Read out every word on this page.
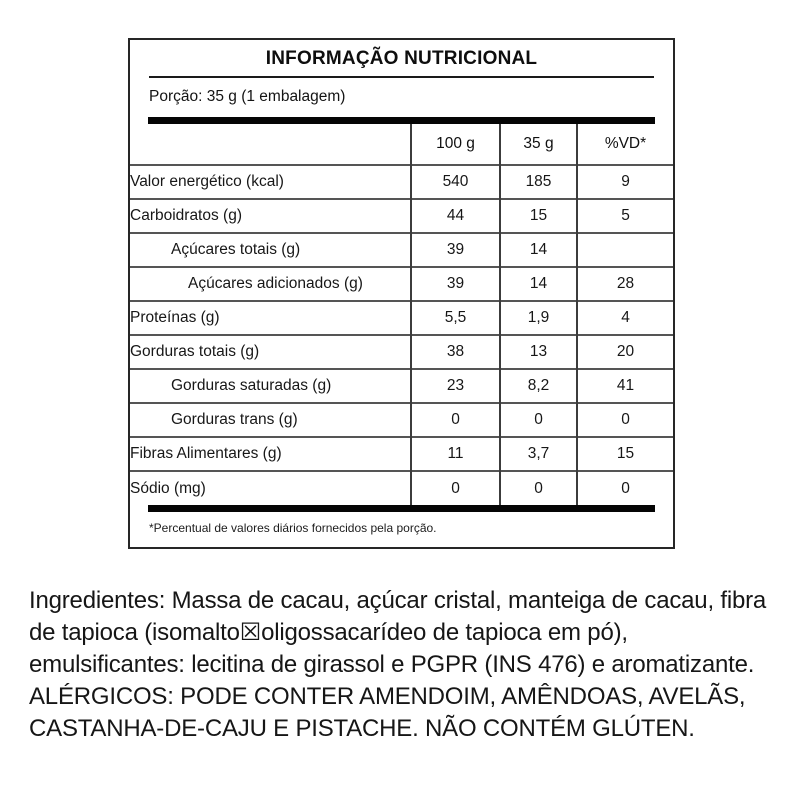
INFORMAÇÃO NUTRICIONAL
Porção: 35 g (1 embalagem)
	100 g	35 g	%VD*
Valor energético (kcal)	540	185	9
Carboidratos (g)	44	15	5
Açúcares totais (g)	39	14	
Açúcares adicionados (g)	39	14	28
Proteínas (g)	5,5	1,9	4
Gorduras totais (g)	38	13	20
Gorduras saturadas (g)	23	8,2	41
Gorduras trans (g)	0	0	0
Fibras Alimentares (g)	11	3,7	15
Sódio (mg)	0	0	0
*Percentual de valores diários fornecidos pela porção.
Ingredientes: Massa de cacau, açúcar cristal, manteiga de cacau, fibra de tapioca (isomalto☒oligossacarídeo de tapioca em pó), emulsificantes: lecitina de girassol e PGPR (INS 476) e aromatizante. ALÉRGICOS: PODE CONTER AMENDOIM, AMÊNDOAS, AVELÃS, CASTANHA-DE-CAJU E PISTACHE. NÃO CONTÉM GLÚTEN.
